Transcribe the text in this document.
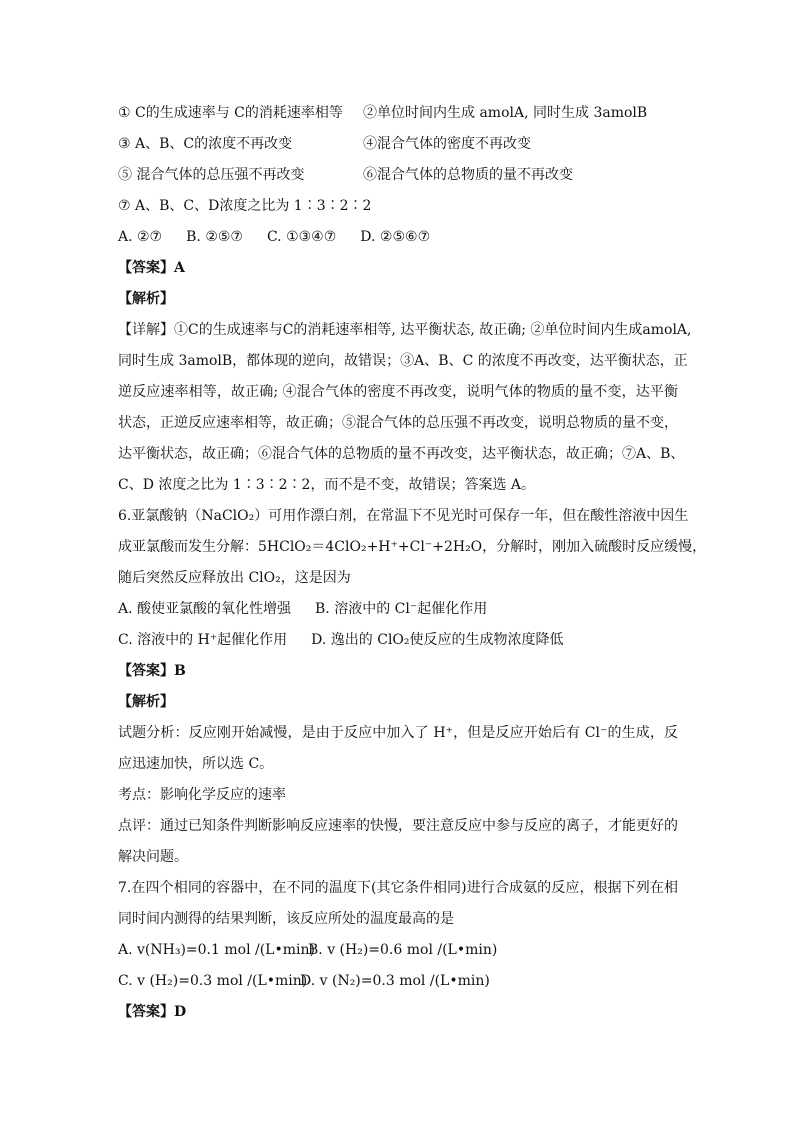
① C的生成速率与 C的消耗速率相等 ②单位时间内生成 amolA, 同时生成 3amolB
③ A、B、C的浓度不再改变	④混合气体的密度不再改变
⑤ 混合气体的总压强不再改变	⑥混合气体的总物质的量不再改变
⑦ A、B、C、D浓度之比为 1∶3∶2∶2
A. ②⑦ B. ②⑤⑦ C. ①③④⑦ D. ②⑤⑥⑦
【答案】A
【解析】
【详解】①C的生成速率与C的消耗速率相等, 达平衡状态, 故正确; ②单位时间内生成amolA,
同时生成 3amolB，都体现的逆向，故错误；③A、B、C 的浓度不再改变，达平衡状态，正
逆反应速率相等，故正确; ④混合气体的密度不再改变，说明气体的物质的量不变，达平衡
状态，正逆反应速率相等，故正确；⑤混合气体的总压强不再改变，说明总物质的量不变，
达平衡状态，故正确；⑥混合气体的总物质的量不再改变，达平衡状态，故正确；⑦A、B、
C、D 浓度之比为 1∶3∶2∶2，而不是不变，故错误；答案选 A。
6.亚氯酸钠（NaClO₂）可用作漂白剂，在常温下不见光时可保存一年，但在酸性溶液中因生
成亚氯酸而发生分解：5HClO₂＝4ClO₂+H⁺+Cl⁻+2H₂O，分解时，刚加入硫酸时反应缓慢，
随后突然反应释放出 ClO₂，这是因为
A. 酸使亚氯酸的氧化性增强 B. 溶液中的 Cl⁻起催化作用
C. 溶液中的 H⁺起催化作用 D. 逸出的 ClO₂使反应的生成物浓度降低
【答案】B
【解析】
试题分析：反应刚开始减慢，是由于反应中加入了 H⁺，但是反应开始后有 Cl⁻的生成，反
应迅速加快，所以选 C。
考点：影响化学反应的速率
点评：通过已知条件判断影响反应速率的快慢，要注意反应中参与反应的离子，才能更好的
解决问题。
7.在四个相同的容器中，在不同的温度下(其它条件相同)进行合成氨的反应，根据下列在相
同时间内测得的结果判断，该反应所处的温度最高的是
A. v(NH₃)=0.1 mol /(L•min)B. v (H₂)=0.6 mol /(L•min)
C. v (H₂)=0.3 mol /(L•min)D. v (N₂)=0.3 mol /(L•min)
【答案】D
